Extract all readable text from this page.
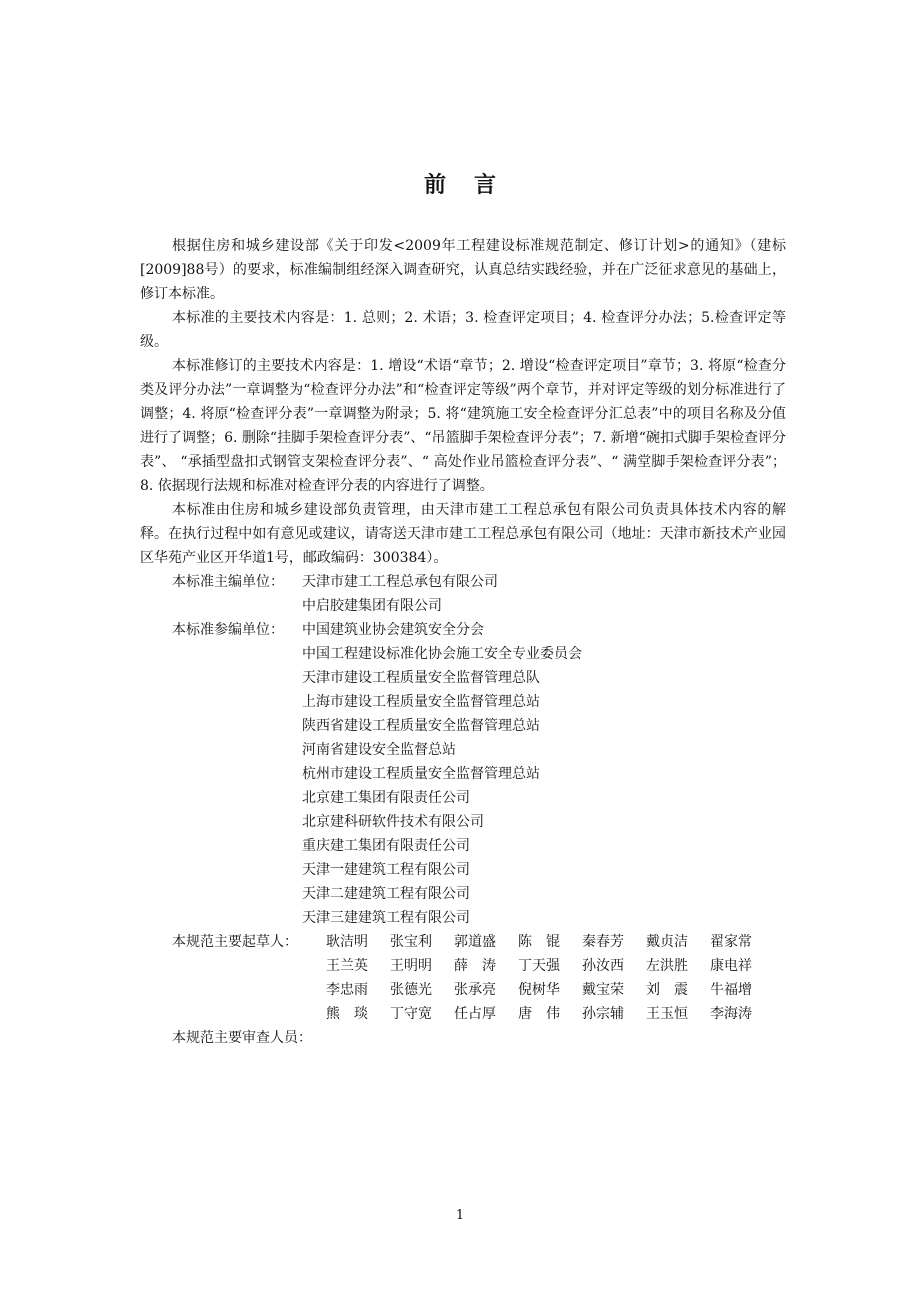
前言

根据住房和城乡建设部《关于印发<2009年工程建设标准规范制定、修订计划>的通知》（建标[2009]88号）的要求，标准编制组经深入调查研究，认真总结实践经验，并在广泛征求意见的基础上，修订本标准。

本标准的主要技术内容是：1. 总则；2. 术语；3. 检查评定项目；4. 检查评分办法；5.检查评定等级。

本标准修订的主要技术内容是：1. 增设“术语“章节；2. 增设“检查评定项目”章节；3. 将原“检查分类及评分办法”一章调整为“检查评分办法”和“检查评定等级”两个章节，并对评定等级的划分标准进行了调整；4. 将原“检查评分表”一章调整为附录；5. 将“建筑施工安全检查评分汇总表”中的项目名称及分值进行了调整；6. 删除“挂脚手架检查评分表”、“吊篮脚手架检查评分表”；7. 新增“碗扣式脚手架检查评分表”、 “承插型盘扣式钢管支架检查评分表”、“ 高处作业吊篮检查评分表”、“ 满堂脚手架检查评分表”；8. 依据现行法规和标准对检查评分表的内容进行了调整。

本标准由住房和城乡建设部负责管理，由天津市建工工程总承包有限公司负责具体技术内容的解释。在执行过程中如有意见或建议，请寄送天津市建工工程总承包有限公司（地址：天津市新技术产业园区华苑产业区开华道1号，邮政编码：300384）。

本标准主编单位：	天津市建工工程总承包有限公司
中启胶建集团有限公司
本标准参编单位：	中国建筑业协会建筑安全分会
中国工程建设标准化协会施工安全专业委员会
天津市建设工程质量安全监督管理总队
上海市建设工程质量安全监督管理总站
陕西省建设工程质量安全监督管理总站
河南省建设安全监督总站
杭州市建设工程质量安全监督管理总站
北京建工集团有限责任公司
北京建科研软件技术有限公司
重庆建工集团有限责任公司
天津一建建筑工程有限公司
天津二建建筑工程有限公司
天津三建建筑工程有限公司
本规范主要起草人：	耿洁明	张宝利	郭道盛	陈　锟	秦春芳	戴贞洁	翟家常
王兰英	王明明	薛　涛	丁天强	孙汝西	左洪胜	康电祥
李忠雨	张德光	张承亮	倪树华	戴宝荣	刘　震	牛福增
熊　琰	丁守宽	任占厚	唐　伟	孙宗辅	王玉恒	李海涛
本规范主要审查人员：
1
